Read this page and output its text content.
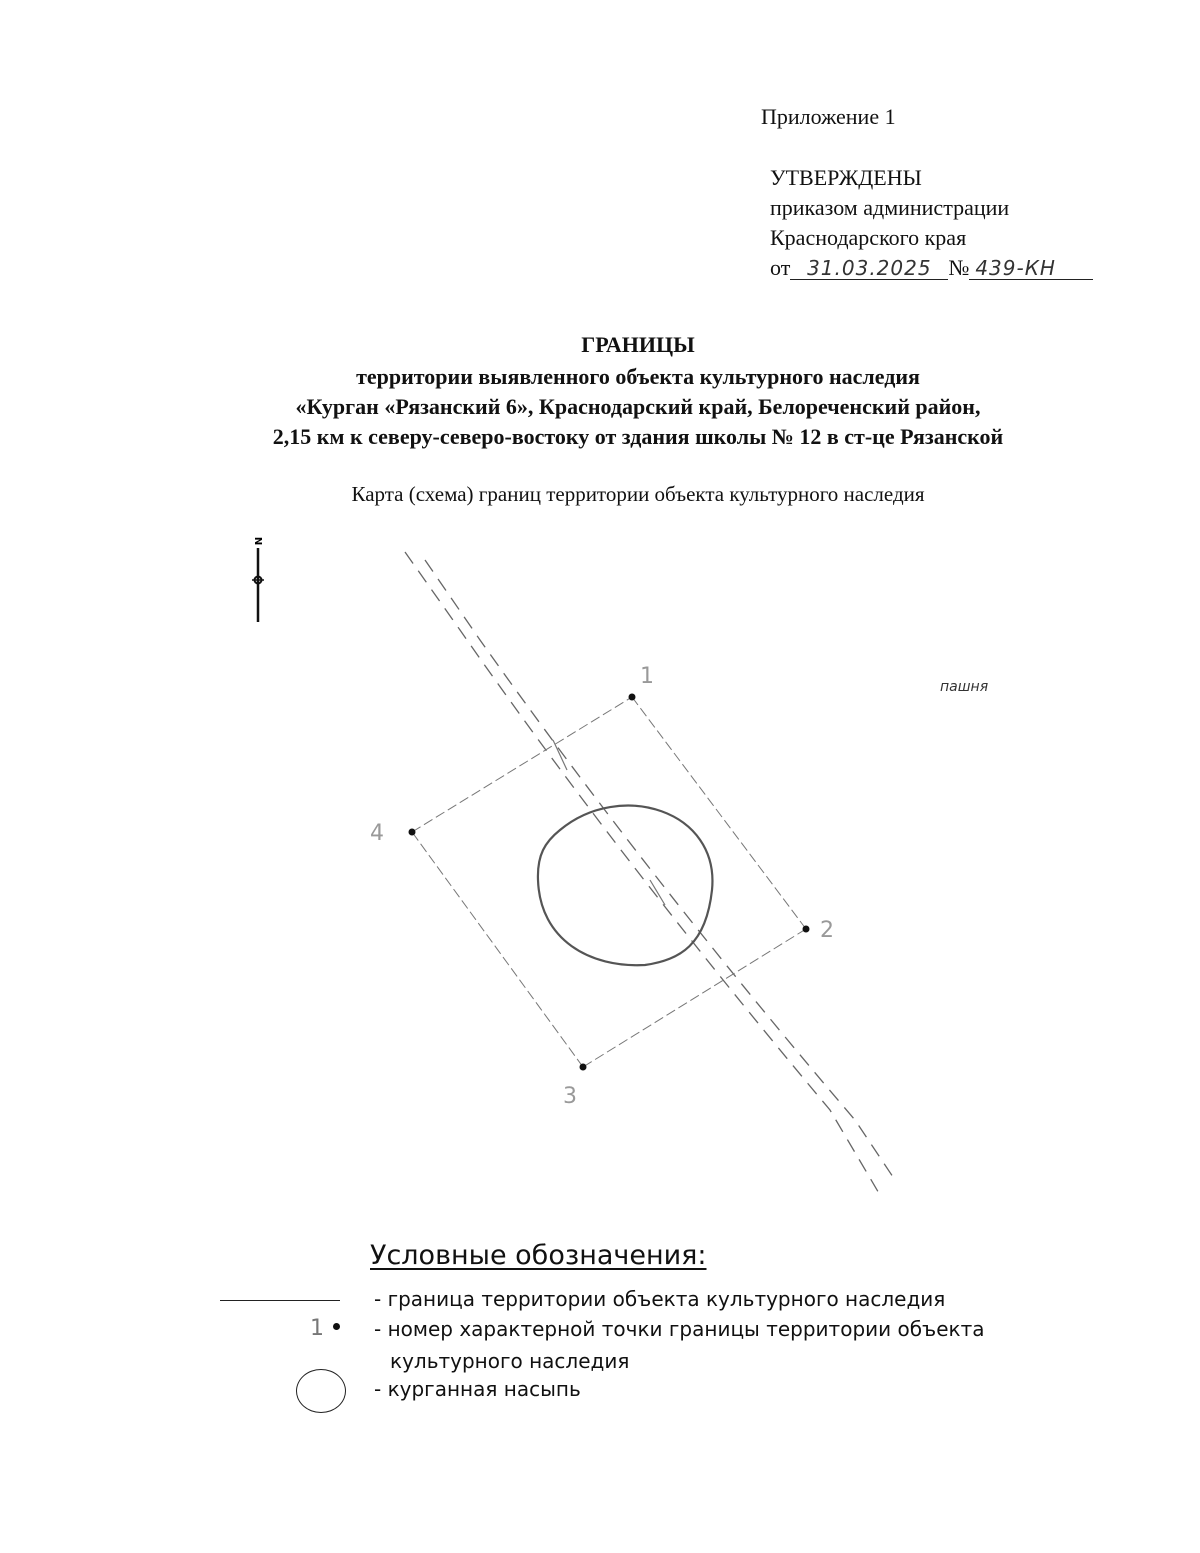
Приложение 1
УТВЕРЖДЕНЫ
приказом администрации
Краснодарского края
от 31.03.2025 № 439-КН
ГРАНИЦЫ
территории выявленного объекта культурного наследия
«Курган «Рязанский 6», Краснодарский край, Белореченский район,
2,15 км к северу-северо-востоку от здания школы № 12 в ст-це Рязанской
Карта (схема) границ территории объекта культурного наследия
N
1
2
3
4
пашня
Условные обозначения:
- граница территории объекта культурного наследия
1	- номер характерной точки границы территории объекта
культурного наследия
- курганная насыпь
